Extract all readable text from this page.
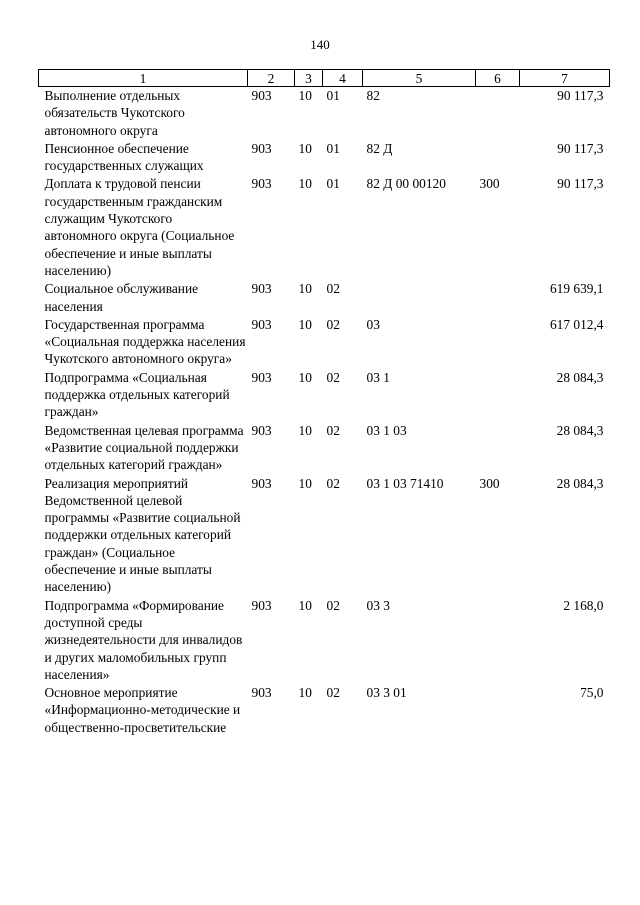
140
1	2	3	4	5	6	7
Выполнение отдельных обязательств Чукотского автономного округа	903	10	01	82		90 117,3
Пенсионное обеспечение государственных служащих	903	10	01	82 Д		90 117,3
Доплата к трудовой пенсии государственным гражданским служащим Чукотского автономного округа (Социальное обеспечение и иные выплаты населению)	903	10	01	82 Д 00 00120	300	90 117,3
Социальное обслуживание населения	903	10	02			619 639,1
Государственная программа «Социальная поддержка населения Чукотского автономного округа»	903	10	02	03		617 012,4
Подпрограмма «Социальная поддержка отдельных категорий граждан»	903	10	02	03 1		28 084,3
Ведомственная целевая программа «Развитие социальной поддержки отдельных категорий граждан»	903	10	02	03 1 03		28 084,3
Реализация мероприятий Ведомственной целевой программы «Развитие социальной поддержки отдельных категорий граждан» (Социальное обеспечение и иные выплаты населению)	903	10	02	03 1 03 71410	300	28 084,3
Подпрограмма «Формирование доступной среды жизнедеятельности для инвалидов и других маломобильных групп населения»	903	10	02	03 3		2 168,0
Основное мероприятие «Информационно-методические и общественно-просветительские	903	10	02	03 3 01		75,0
